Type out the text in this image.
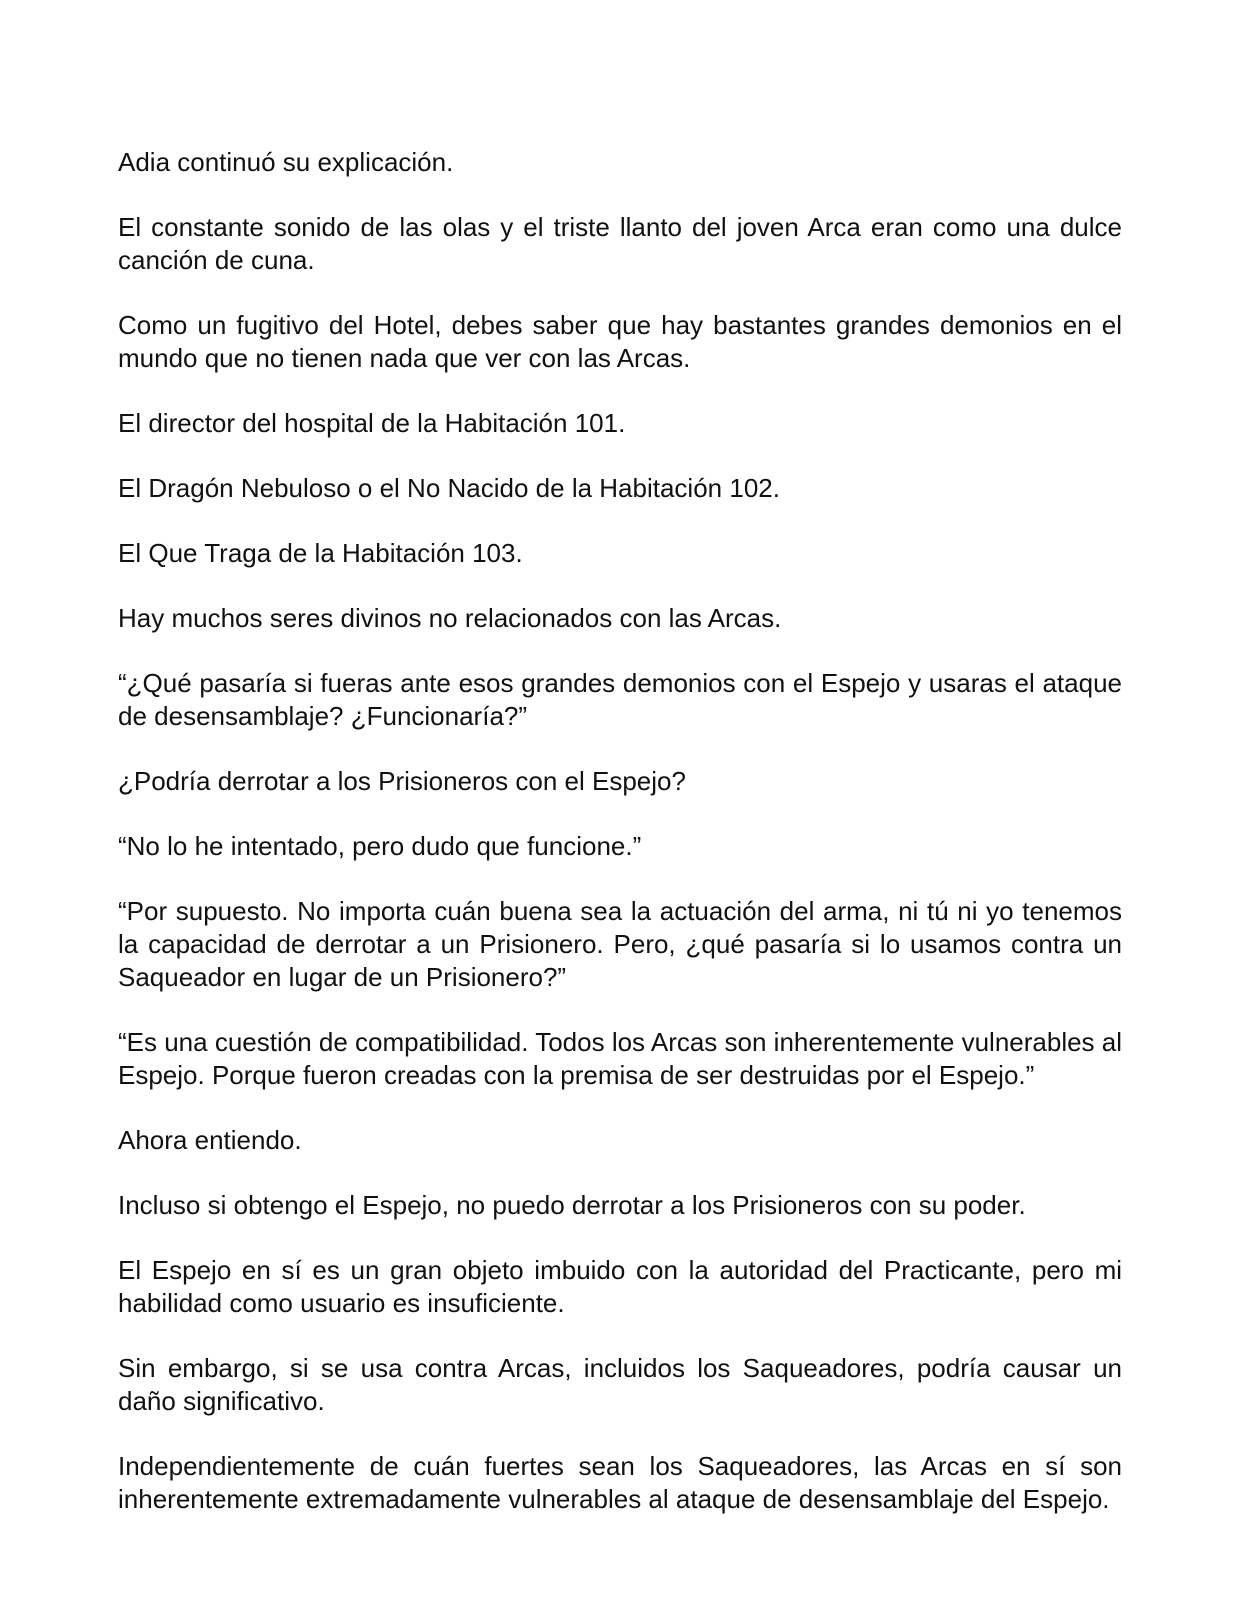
Adia continuó su explicación.

El constante sonido de las olas y el triste llanto del joven Arca eran como una dulce canción de cuna.

Como un fugitivo del Hotel, debes saber que hay bastantes grandes demonios en el mundo que no tienen nada que ver con las Arcas.

El director del hospital de la Habitación 101.

El Dragón Nebuloso o el No Nacido de la Habitación 102.

El Que Traga de la Habitación 103.

Hay muchos seres divinos no relacionados con las Arcas.

“¿Qué pasaría si fueras ante esos grandes demonios con el Espejo y usaras el ataque de desensamblaje? ¿Funcionaría?”

¿Podría derrotar a los Prisioneros con el Espejo?

“No lo he intentado, pero dudo que funcione.”

“Por supuesto. No importa cuán buena sea la actuación del arma, ni tú ni yo tenemos la capacidad de derrotar a un Prisionero. Pero, ¿qué pasaría si lo usamos contra un Saqueador en lugar de un Prisionero?”

“Es una cuestión de compatibilidad. Todos los Arcas son inherentemente vulnerables al Espejo. Porque fueron creadas con la premisa de ser destruidas por el Espejo.”

Ahora entiendo.

Incluso si obtengo el Espejo, no puedo derrotar a los Prisioneros con su poder.

El Espejo en sí es un gran objeto imbuido con la autoridad del Practicante, pero mi habilidad como usuario es insuficiente.

Sin embargo, si se usa contra Arcas, incluidos los Saqueadores, podría causar un daño significativo.

Independientemente de cuán fuertes sean los Saqueadores, las Arcas en sí son inherentemente extremadamente vulnerables al ataque de desensamblaje del Espejo.
